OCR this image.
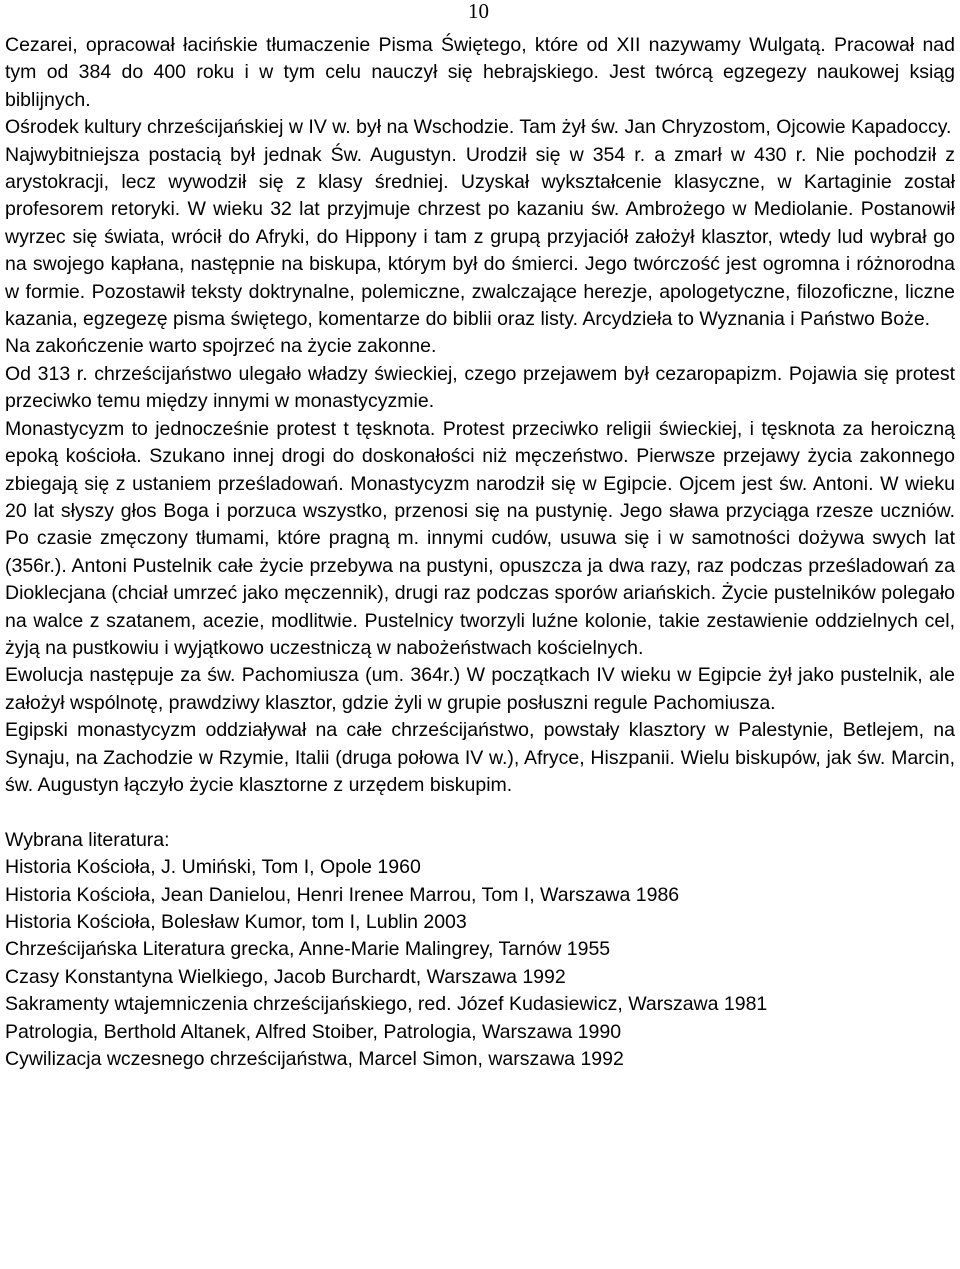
10

Cezarei, opracował łacińskie tłumaczenie Pisma Świętego, które od XII nazywamy Wulgatą. Pracował nad tym od 384 do 400 roku i w tym celu nauczył się hebrajskiego. Jest twórcą egzegezy naukowej ksiąg biblijnych.

Ośrodek kultury chrześcijańskiej w IV w. był na Wschodzie. Tam żył św. Jan Chryzostom, Ojcowie Kapadoccy.

Najwybitniejsza postacią był jednak Św. Augustyn. Urodził się w 354 r. a zmarł w 430 r. Nie pochodził z arystokracji, lecz wywodził się z klasy średniej. Uzyskał wykształcenie klasyczne, w Kartaginie został profesorem retoryki. W wieku 32 lat przyjmuje chrzest po kazaniu św. Ambrożego w Mediolanie. Postanowił wyrzec się świata, wrócił do Afryki, do Hippony i tam z grupą przyjaciół założył klasztor, wtedy lud wybrał go na swojego kapłana, następnie na biskupa, którym był do śmierci. Jego twórczość jest ogromna i różnorodna w formie. Pozostawił teksty doktrynalne, polemiczne, zwalczające herezje, apologetyczne, filozoficzne, liczne kazania, egzegezę pisma świętego, komentarze do biblii oraz listy. Arcydzieła to Wyznania i Państwo Boże.

Na zakończenie warto spojrzeć na życie zakonne.

Od 313 r. chrześcijaństwo ulegało władzy świeckiej, czego przejawem był cezaropapizm. Pojawia się protest przeciwko temu między innymi w monastycyzmie.

Monastycyzm to jednocześnie protest t tęsknota. Protest przeciwko religii świeckiej, i tęsknota za heroiczną epoką kościoła. Szukano innej drogi do doskonałości niż męczeństwo. Pierwsze przejawy życia zakonnego zbiegają się z ustaniem prześladowań. Monastycyzm narodził się w Egipcie. Ojcem jest św. Antoni. W wieku 20 lat słyszy głos Boga i porzuca wszystko, przenosi się na pustynię. Jego sława przyciąga rzesze uczniów. Po czasie zmęczony tłumami, które pragną m. innymi cudów, usuwa się i w samotności dożywa swych lat (356r.). Antoni Pustelnik całe życie przebywa na pustyni, opuszcza ja dwa razy, raz podczas prześladowań za Dioklecjana (chciał umrzeć jako męczennik), drugi raz podczas sporów ariańskich. Życie pustelników polegało na walce z szatanem, acezie, modlitwie. Pustelnicy tworzyli luźne kolonie, takie zestawienie oddzielnych cel, żyją na pustkowiu i wyjątkowo uczestniczą w nabożeństwach kościelnych.

Ewolucja następuje za św. Pachomiusza (um. 364r.) W początkach IV wieku w Egipcie żył jako pustelnik, ale założył wspólnotę, prawdziwy klasztor, gdzie żyli w grupie posłuszni regule Pachomiusza.

Egipski monastycyzm oddziaływał na całe chrześcijaństwo, powstały klasztory w Palestynie, Betlejem, na Synaju, na Zachodzie w Rzymie, Italii (druga połowa IV w.), Afryce, Hiszpanii. Wielu biskupów, jak św. Marcin, św. Augustyn łączyło życie klasztorne z urzędem biskupim.

Wybrana literatura:

Historia Kościoła, J. Umiński, Tom I, Opole 1960
Historia Kościoła, Jean Danielou, Henri Irenee Marrou, Tom I, Warszawa 1986
Historia Kościoła, Bolesław Kumor, tom I, Lublin 2003
Chrześcijańska Literatura grecka, Anne-Marie Malingrey, Tarnów 1955
Czasy Konstantyna Wielkiego, Jacob Burchardt, Warszawa 1992
Sakramenty wtajemniczenia chrześcijańskiego, red. Józef Kudasiewicz, Warszawa 1981
Patrologia, Berthold Altanek, Alfred Stoiber, Patrologia, Warszawa 1990
Cywilizacja wczesnego chrześcijaństwa, Marcel Simon, warszawa 1992
